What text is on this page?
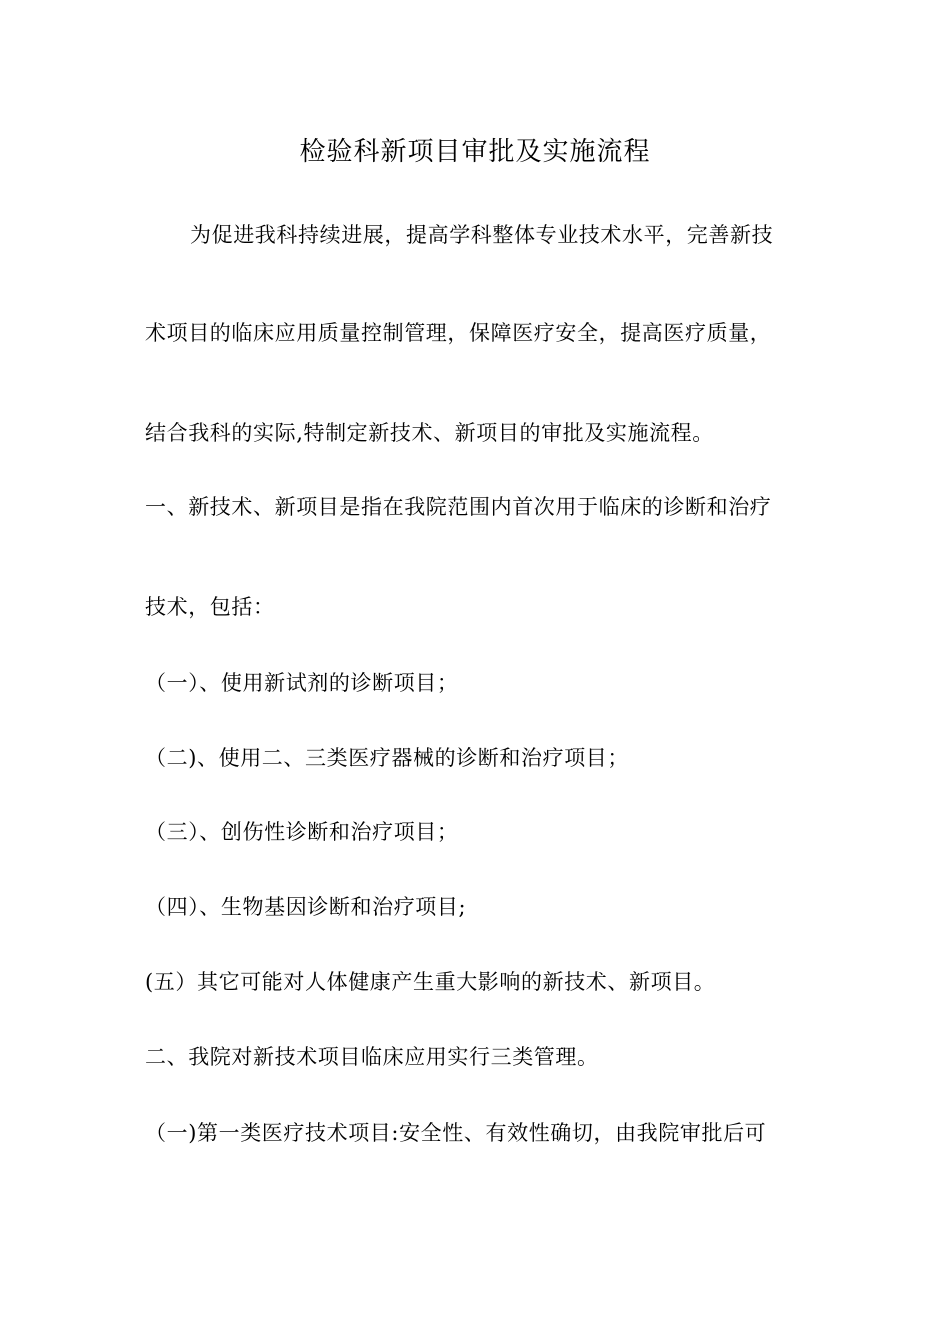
检验科新项目审批及实施流程
为促进我科持续进展，提高学科整体专业技术水平，完善新技
术项目的临床应用质量控制管理，保障医疗安全，提高医疗质量，
结合我科的实际,特制定新技术、新项目的审批及实施流程。
一、新技术、新项目是指在我院范围内首次用于临床的诊断和治疗
技术，包括：
（一）、使用新试剂的诊断项目；
（二)、使用二、三类医疗器械的诊断和治疗项目；
（三）、创伤性诊断和治疗项目；
（四）、生物基因诊断和治疗项目;
(五）其它可能对人体健康产生重大影响的新技术、新项目。
二、我院对新技术项目临床应用实行三类管理。
（一)第一类医疗技术项目:安全性、有效性确切，由我院审批后可
